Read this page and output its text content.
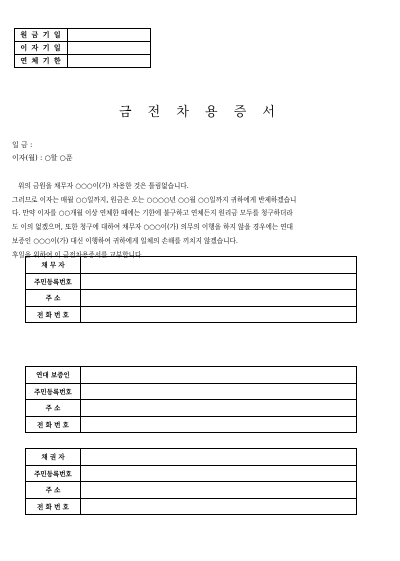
원 금 기 일	
이 자 기 일	
연 체 기 한	
금 전 차 용 증 서
일 금 :
이자(월) : ○할 ○푼

위의 금원을 채무자 ○○○이(가) 차용한 것은 틀림없습니다.

그러므로 이자는 매월 ○○일까지, 원금은 오는 ○○○○년 ○○월 ○○일까지 귀하에게 반제하겠습니

다. 만약 이자를 ○○개월 이상 연체한 때에는 기한에 불구하고 연체든지 원리금 모두를 청구하더라

도 이의 없겠으며, 또한 청구에 대하여 채무자 ○○○이(가) 의무의 이행을 하지 않을 경우에는 연대

보증인 ○○○이(가) 대신 이행하여 귀하에게 일체의 손해를 끼치지 않겠습니다.

후일을 위하여 이 금전차용증서를 교부합니다.

채 무 자	
주민등록번호	
주 소	
전 화 번 호	
연대 보증인	
주민등록번호	
주 소	
전 화 번 호	
채 권 자	
주민등록번호	
주 소	
전 화 번 호	
